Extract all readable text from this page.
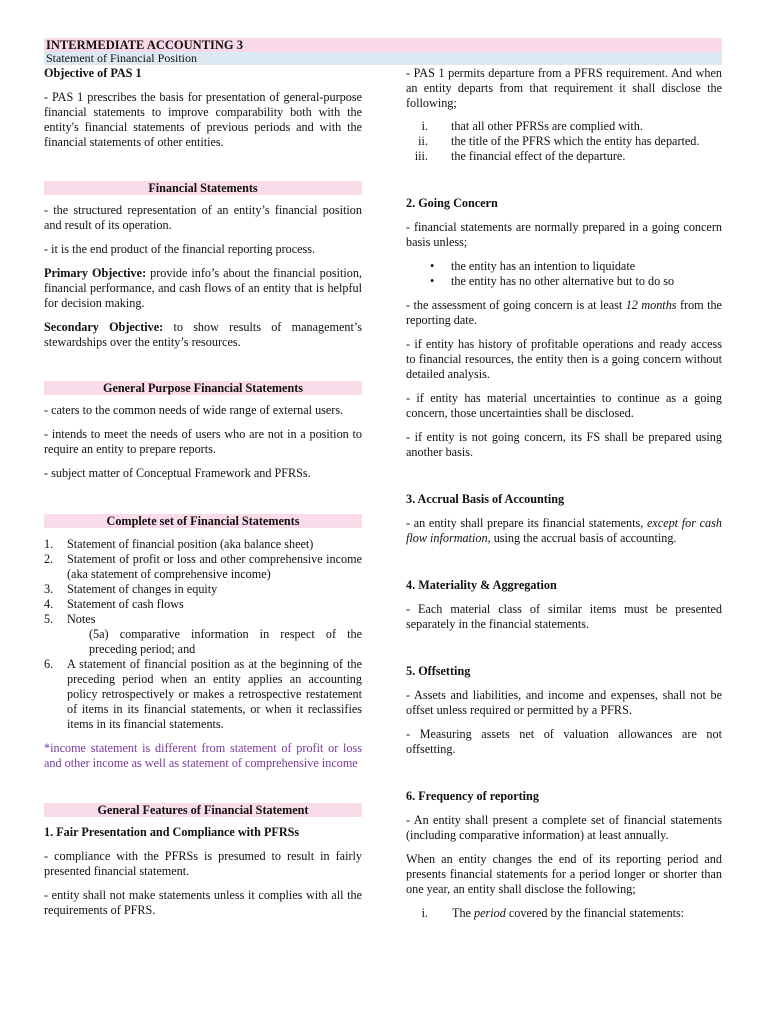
INTERMEDIATE ACCOUNTING 3
Statement of Financial Position

Objective of PAS 1

- PAS 1 prescribes the basis for presentation of general-purpose financial statements to improve comparability both with the entity's financial statements of previous periods and with the financial statements of other entities.

Financial Statements

- the structured representation of an entity’s financial position and result of its operation.

- it is the end product of the financial reporting process.

Primary Objective: provide info’s about the financial position, financial performance, and cash flows of an entity that is helpful for decision making.

Secondary Objective: to show results of management’s stewardships over the entity’s resources.

General Purpose Financial Statements

- caters to the common needs of wide range of external users.

- intends to meet the needs of users who are not in a position to require an entity to prepare reports.

- subject matter of Conceptual Framework and PFRSs.

Complete set of Financial Statements
1. Statement of financial position (aka balance sheet)
2. Statement of profit or loss and other comprehensive income (aka statement of comprehensive income)
3. Statement of changes in equity
4. Statement of cash flows
5. Notes
(5a) comparative information in respect of the preceding period; and
6. A statement of financial position as at the beginning of the preceding period when an entity applies an accounting policy retrospectively or makes a retrospective restatement of items in its financial statements, or when it reclassifies items in its financial statements.

*income statement is different from statement of profit or loss and other income as well as statement of comprehensive income

General Features of Financial Statement

1. Fair Presentation and Compliance with PFRSs

- compliance with the PFRSs is presumed to result in fairly presented financial statement.

- entity shall not make statements unless it complies with all the requirements of PFRS.

- PAS 1 permits departure from a PFRS requirement. And when an entity departs from that requirement it shall disclose the following;

i. that all other PFRSs are complied with.
ii. the title of the PFRS which the entity has departed.
iii. the financial effect of the departure.

2. Going Concern

- financial statements are normally prepared in a going concern basis unless;

• the entity has an intention to liquidate
• the entity has no other alternative but to do so

- the assessment of going concern is at least 12 months from the reporting date.

- if entity has history of profitable operations and ready access to financial resources, the entity then is a going concern without detailed analysis.

- if entity has material uncertainties to continue as a going concern, those uncertainties shall be disclosed.

- if entity is not going concern, its FS shall be prepared using another basis.

3. Accrual Basis of Accounting

- an entity shall prepare its financial statements, except for cash flow information, using the accrual basis of accounting.

4. Materiality & Aggregation

- Each material class of similar items must be presented separately in the financial statements.

5. Offsetting

- Assets and liabilities, and income and expenses, shall not be offset unless required or permitted by a PFRS.

- Measuring assets net of valuation allowances are not offsetting.

6. Frequency of reporting

- An entity shall present a complete set of financial statements (including comparative information) at least annually.

When an entity changes the end of its reporting period and presents financial statements for a period longer or shorter than one year, an entity shall disclose the following;

i. The period covered by the financial statements:
